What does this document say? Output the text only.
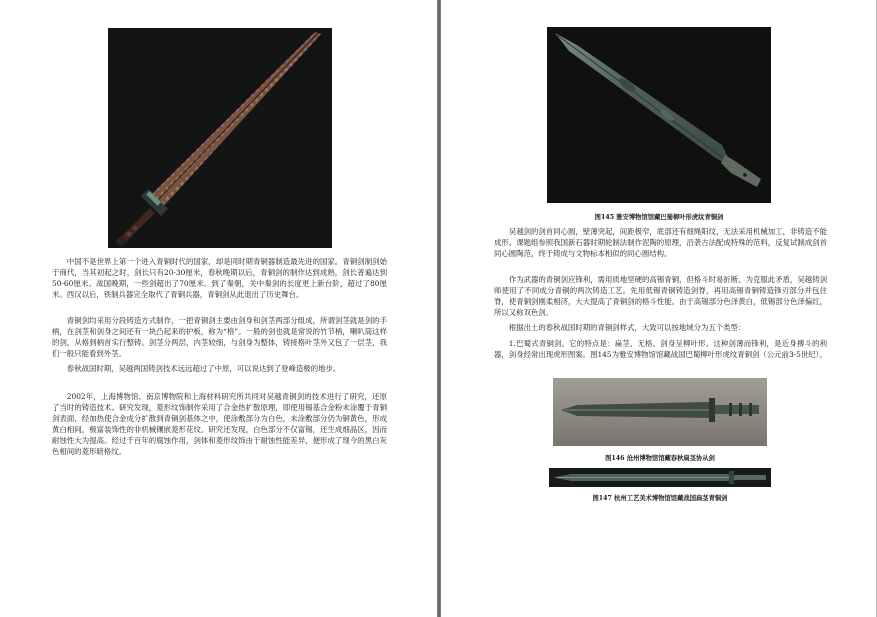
中国不是世界上第一个进入青铜时代的国家，却是同时期青铜器制造最先进的国家。青铜剑制剑始于商代，当其初起之时，剑长只有20-30厘米，春秋晚期以后，青铜剑的制作达到成熟，剑长普遍达到50-60厘米。战国晚期，一些剑超出了70厘米。到了秦朝，关中秦剑的长度更上新台阶，超过了80厘米。西汉以后，铁制兵器完全取代了青铜兵器，青铜剑从此退出了历史舞台。

青铜剑均采用分段铸造方式制作，一把青铜剑主要由剑身和剑茎两部分组成，所谓剑茎就是剑的手柄，在剑茎和剑身之间还有一块凸起来的护板，称为“格”。一般的剑也就是常说的竹节柄，喇叭筒这样的剑，从格到柄首实行整铸。剑茎分两层，内茎较细，与剑身为整体，铸接格叶茎外又包了一层茎，我们一般只能看到外茎。

春秋战国时期，吴越两国铸剑技术远远超过了中原，可以说达到了登峰造极的地步。

2002年，上海博物馆、南京博物院和上海材料研究所共同对吴越青铜剑的技术进行了研究，还原了当时的铸造技术。研究发现，菱形纹饰制作采用了合金热扩散原理，即使用锡基合金粉末涂覆于青铜剑表面，经加热使合金成分扩散到青铜剑基体之中，使涂敷部分为白色，未涂敷部分仍为铜黄色，形成黄白相间，极富装饰性的非机械镶嵌菱形花纹。研究还发现，白色部分不仅富锡，还生成细晶区，因而耐蚀性大为提高。经过千百年的腐蚀作用，剑体和菱形纹饰由于耐蚀性能差异，便形成了现今的黑白灰色相间的菱形暗格纹。

图145 雅安博物馆馆藏巴蜀柳叶形虎纹青铜剑

吴越剑的剑首同心圆，壁薄突起，间距极窄，底部还有细绳阳纹，无法采用机械加工，非铸造不能成形。课题组参照我国新石器时期轮制法制作泥陶的原理，沿袭古法配成特殊的范料，反复试制成剑首同心圆陶范，终于铸成与文物标本相似的同心圆结构。

作为武器的青铜剑应锋利，需用质地坚硬的高锡青铜，但格斗时易折断。为克服此矛盾，吴越铸剑师使用了不同成分青铜的两次铸造工艺。先用低锡青铜铸造剑脊，再用高锡青铜铸造锋刃部分并包住脊，使青铜剑刚柔相济，大大提高了青铜剑的格斗性能。由于高锡部分色泽黄白，低锡部分色泽偏红，所以又称双色剑。

根据出土的春秋战国时期的青铜剑样式，大致可以按地域分为五个类型：

1.巴蜀式青铜剑。它的特点是：扁茎、无格、剑身呈柳叶形。这种剑薄而锋利，是近身搏斗的利器，剑身经常出现虎形图案。图145为雅安博物馆馆藏战国巴蜀柳叶形虎纹青铜剑（公元前3-5世纪）。

图146 沧州博物馆馆藏春秋扁茎协从剑

图147 杭州工艺美术博物馆馆藏战国扁茎青铜剑
